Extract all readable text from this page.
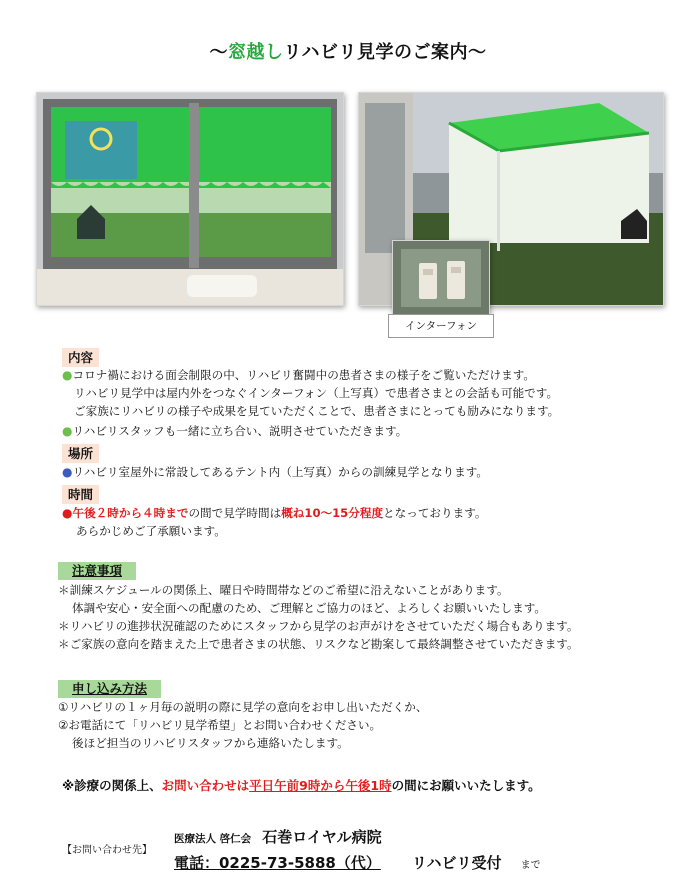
〜窓越しリハビリ見学のご案内〜
インターフォン
内容
●コロナ禍における面会制限の中、リハビリ奮闘中の患者さまの様子をご覧いただけます。
リハビリ見学中は屋内外をつなぐインターフォン（上写真）で患者さまとの会話も可能です。
ご家族にリハビリの様子や成果を見ていただくことで、患者さまにとっても励みになります。
●リハビリスタッフも一緒に立ち合い、説明させていただきます。
場所
●リハビリ室屋外に常設してあるテント内（上写真）からの訓練見学となります。
時間
●午後２時から４時までの間で見学時間は概ね10〜15分程度となっております。
あらかじめご了承願います。
注意事項
＊訓練スケジュールの関係上、曜日や時間帯などのご希望に沿えないことがあります。
体調や安心・安全面への配慮のため、ご理解とご協力のほど、よろしくお願いいたします。
＊リハビリの進捗状況確認のためにスタッフから見学のお声がけをさせていただく場合もあります。
＊ご家族の意向を踏まえた上で患者さまの状態、リスクなど勘案して最終調整させていただきます。
申し込み方法
①リハビリの１ヶ月毎の説明の際に見学の意向をお申し出いただくか、
②お電話にて「リハビリ見学希望」とお問い合わせください。
後ほど担当のリハビリスタッフから連絡いたします。
※診療の関係上、お問い合わせは平日午前9時から午後1時の間にお願いいたします。
【お問い合わせ先】
医療法人 啓仁会 石巻ロイヤル病院
電話：0225-73-5888（代） リハビリ受付 まで
